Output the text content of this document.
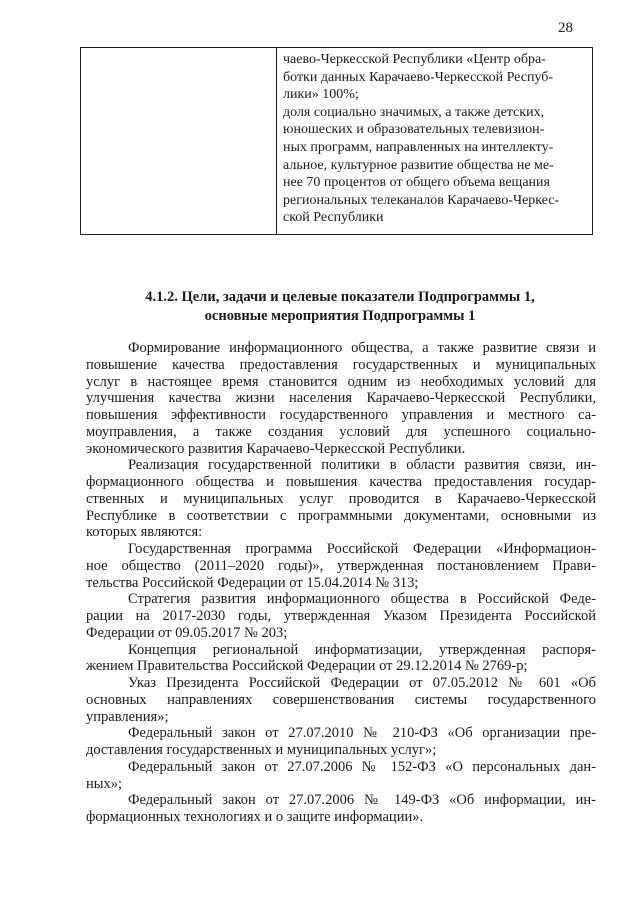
28
чаево-Черкесской Республики «Центр обра-
ботки данных Карачаево-Черкесской Респуб-
лики» 100%;
доля социально значимых, а также детских,
юношеских и образовательных телевизион-
ных программ, направленных на интеллекту-
альное, культурное развитие общества не ме-
нее 70 процентов от общего объема вещания
региональных телеканалов Карачаево-Черкес-
ской Республики
4.1.2. Цели, задачи и целевые показатели Подпрограммы 1,
основные мероприятия Подпрограммы 1
Формирование информационного общества, а также развитие связи и
повышение качества предоставления государственных и муниципальных
услуг в настоящее время становится одним из необходимых условий для
улучшения качества жизни населения Карачаево-Черкесской Республики,
повышения эффективности государственного управления и местного са-
моуправления, а также создания условий для успешного социально-
экономического развития Карачаево-Черкесской Республики.
Реализация государственной политики в области развития связи, ин-
формационного общества и повышения качества предоставления государ-
ственных и муниципальных услуг проводится в Карачаево-Черкесской
Республике в соответствии с программными документами, основными из
которых являются:
Государственная программа Российской Федерации «Информацион-
ное общество (2011–2020 годы)», утвержденная постановлением Прави-
тельства Российской Федерации от 15.04.2014 № 313;
Стратегия развития информационного общества в Российской Феде-
рации на 2017-2030 годы, утвержденная Указом Президента Российской
Федерации от 09.05.2017 № 203;
Концепция региональной информатизации, утвержденная распоря-
жением Правительства Российской Федерации от 29.12.2014 № 2769-р;
Указ Президента Российской Федерации от 07.05.2012 № 601 «Об
основных направлениях совершенствования системы государственного
управления»;
Федеральный закон от 27.07.2010 № 210-ФЗ «Об организации пре-
доставления государственных и муниципальных услуг»;
Федеральный закон от 27.07.2006 № 152-ФЗ «О персональных дан-
ных»;
Федеральный закон от 27.07.2006 № 149-ФЗ «Об информации, ин-
формационных технологиях и о защите информации».
